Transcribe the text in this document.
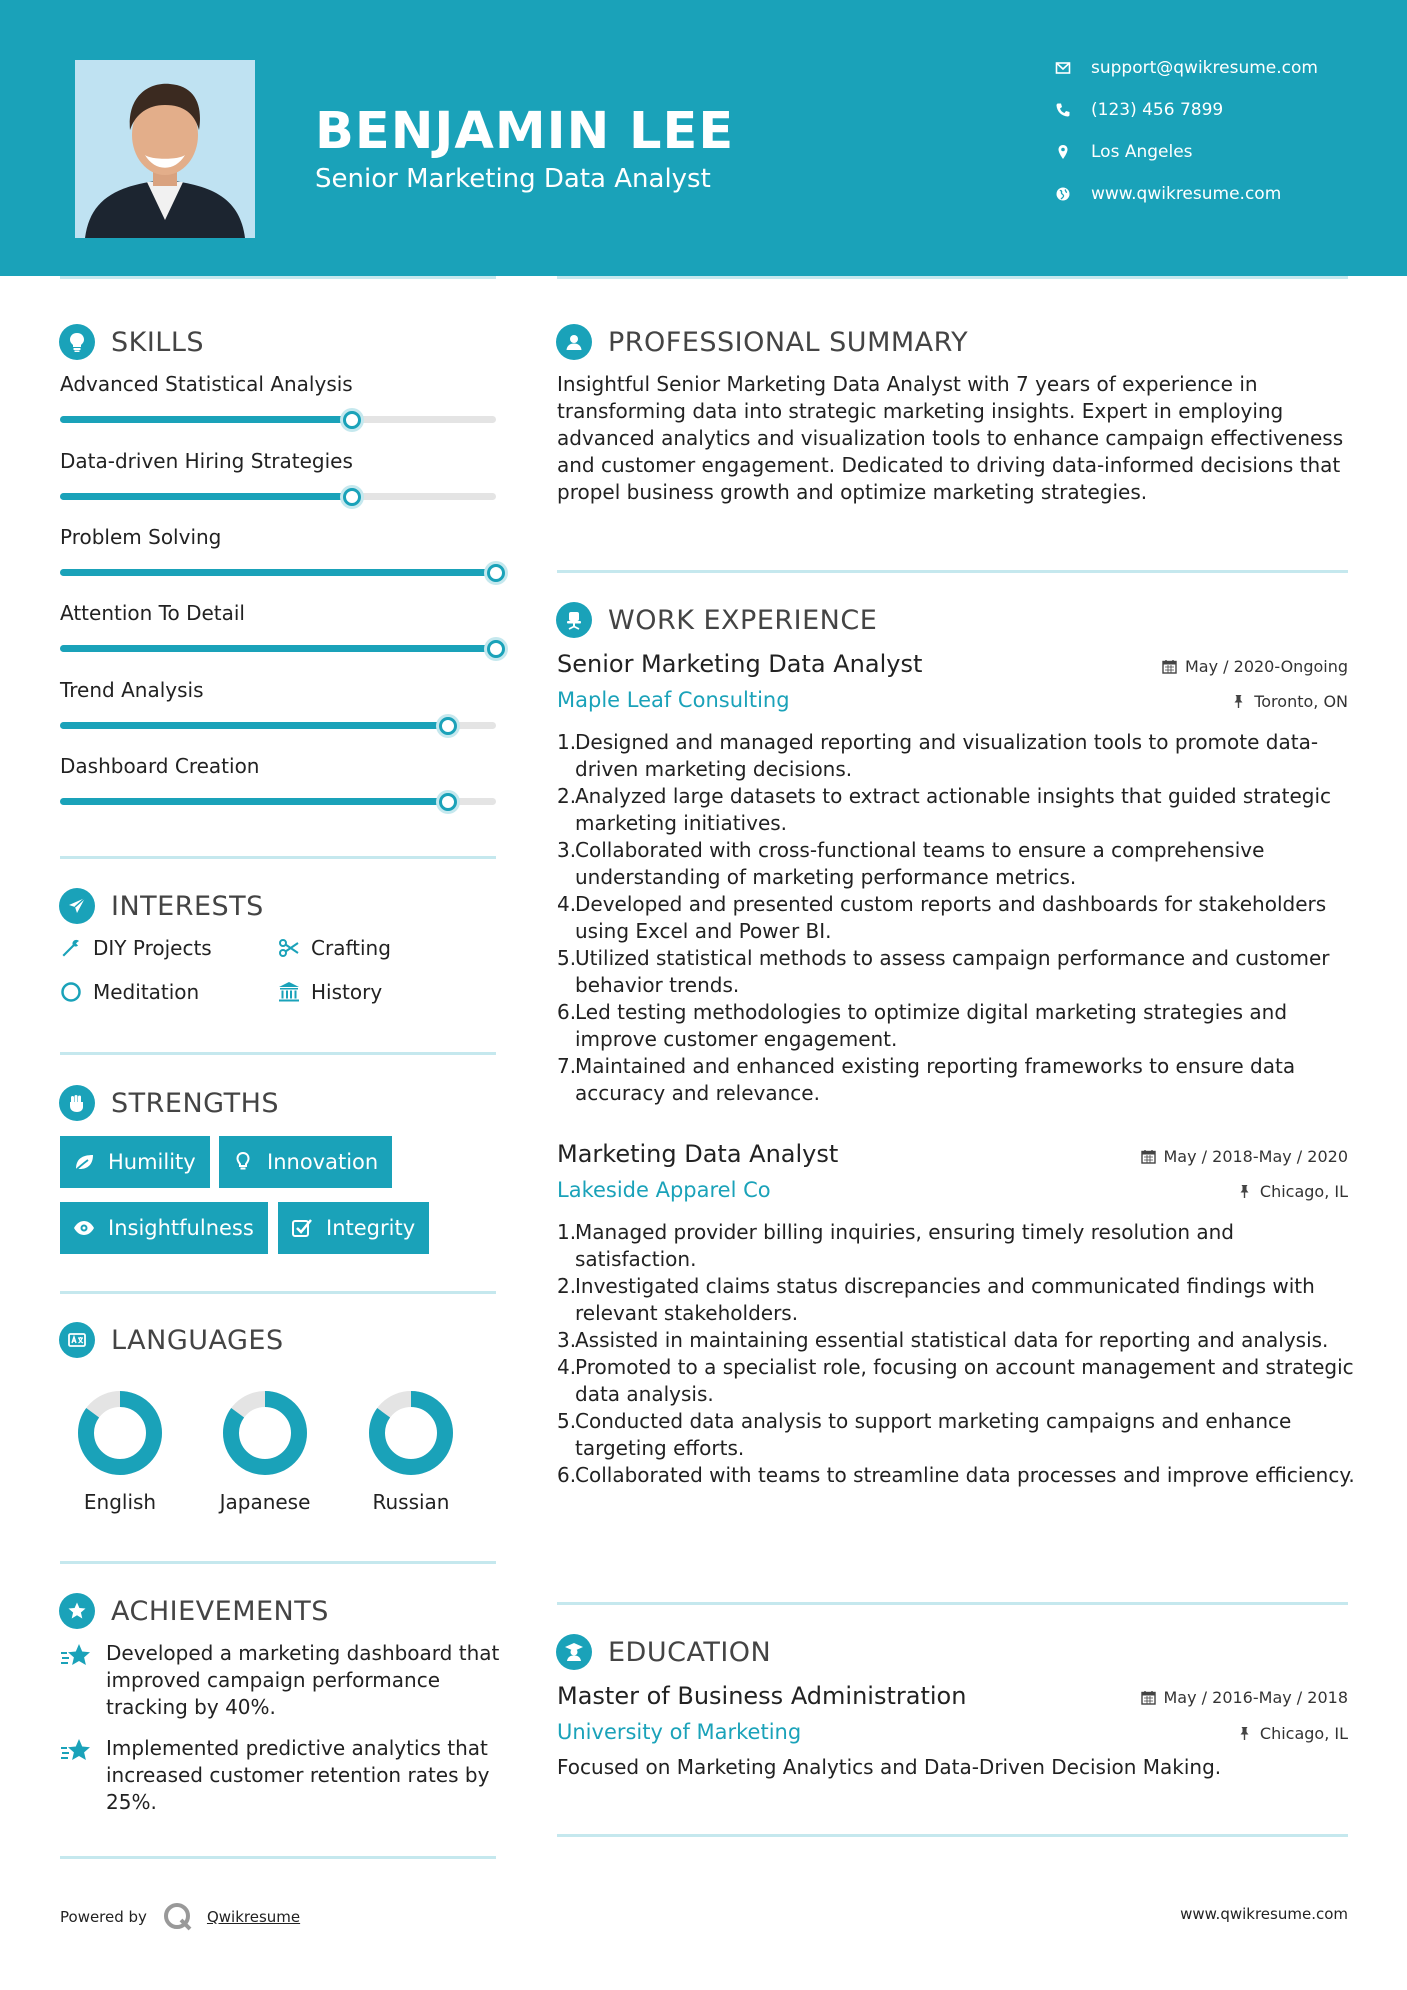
BENJAMIN LEE
Senior Marketing Data Analyst
support@qwikresume.com
(123) 456 7899
Los Angeles
www.qwikresume.com
SKILLS
Advanced Statistical Analysis
Data-driven Hiring Strategies
Problem Solving
Attention To Detail
Trend Analysis
Dashboard Creation
INTERESTS
DIY Projects	Crafting
Meditation	History
STRENGTHS
Humility	Innovation
Insightfulness	Integrity
LANGUAGES
English	Japanese	Russian
ACHIEVEMENTS
Developed a marketing dashboard that improved campaign performance tracking by 40%.
Implemented predictive analytics that increased customer retention rates by 25%.
PROFESSIONAL SUMMARY
Insightful Senior Marketing Data Analyst with 7 years of experience in transforming data into strategic marketing insights. Expert in employing advanced analytics and visualization tools to enhance campaign effectiveness and customer engagement. Dedicated to driving data-informed decisions that propel business growth and optimize marketing strategies.
WORK EXPERIENCE
Senior Marketing Data Analyst	May / 2020-Ongoing
Maple Leaf Consulting	Toronto, ON
1.
Designed and managed reporting and visualization tools to promote data-driven marketing decisions.
2.
Analyzed large datasets to extract actionable insights that guided strategic marketing initiatives.
3.
Collaborated with cross-functional teams to ensure a comprehensive understanding of marketing performance metrics.
4.
Developed and presented custom reports and dashboards for stakeholders using Excel and Power BI.
5.
Utilized statistical methods to assess campaign performance and customer behavior trends.
6.
Led testing methodologies to optimize digital marketing strategies and improve customer engagement.
7.
Maintained and enhanced existing reporting frameworks to ensure data accuracy and relevance.
Marketing Data Analyst	May / 2018-May / 2020
Lakeside Apparel Co	Chicago, IL
1.
Managed provider billing inquiries, ensuring timely resolution and satisfaction.
2.
Investigated claims status discrepancies and communicated findings with relevant stakeholders.
3.
Assisted in maintaining essential statistical data for reporting and analysis.
4.
Promoted to a specialist role, focusing on account management and strategic data analysis.
5.
Conducted data analysis to support marketing campaigns and enhance targeting efforts.
6.
Collaborated with teams to streamline data processes and improve efficiency.
EDUCATION
Master of Business Administration	May / 2016-May / 2018
University of Marketing	Chicago, IL
Focused on Marketing Analytics and Data-Driven Decision Making.
Powered by	Qwikresume	www.qwikresume.com
